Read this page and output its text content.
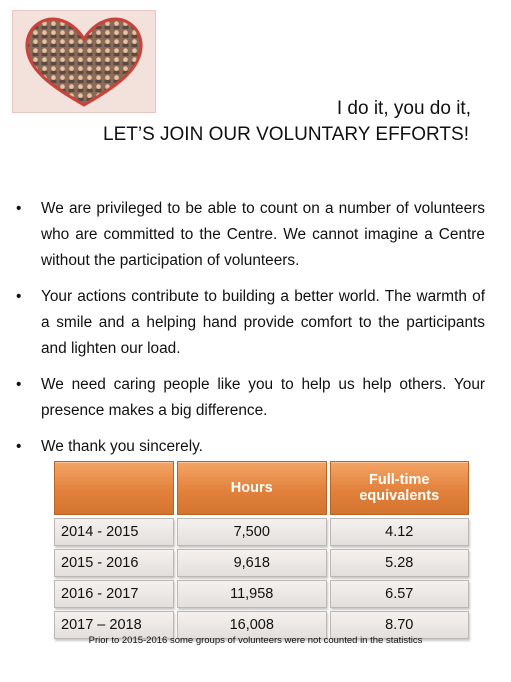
I do it, you do it,
LET’S JOIN OUR VOLUNTARY EFFORTS!
• We are privileged to be able to count on a number of volunteers who are committed to the Centre. We cannot imagine a Centre without the participation of volunteers.
• Your actions contribute to building a better world. The warmth of a smile and a helping hand provide comfort to the participants and lighten our load.
• We need caring people like you to help us help others. Your presence makes a big difference.
• We thank you sincerely.
	Hours	Full-time equivalents
2014 - 2015	7,500	4.12
2015 - 2016	9,618	5.28
2016 - 2017	11,958	6.57
2017 – 2018	16,008	8.70
Prior to 2015-2016 some groups of volunteers were not counted in the statistics
